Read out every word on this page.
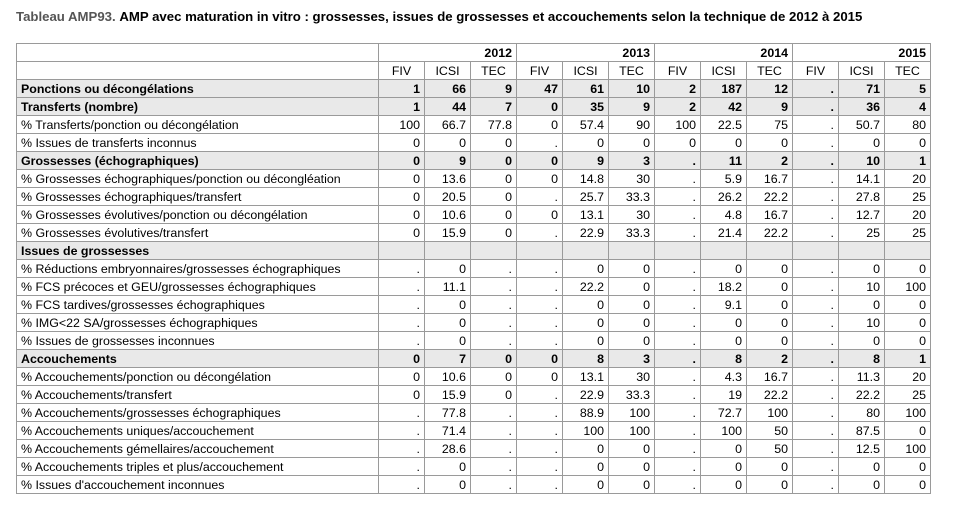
Tableau AMP93. AMP avec maturation in vitro : grossesses, issues de grossesses et accouchements selon la technique de 2012 à 2015
	2012			2013			2014			2015		
	FIV	ICSI	TEC	FIV	ICSI	TEC	FIV	ICSI	TEC	FIV	ICSI	TEC
Ponctions ou décongélations	1	66	9	47	61	10	2	187	12	.	71	5
Transferts (nombre)	1	44	7	0	35	9	2	42	9	.	36	4
% Transferts/ponction ou décongélation	100	66.7	77.8	0	57.4	90	100	22.5	75	.	50.7	80
% Issues de transferts inconnus	0	0	0	.	0	0	0	0	0	.	0	0
Grossesses (échographiques)	0	9	0	0	9	3	.	11	2	.	10	1
% Grossesses échographiques/ponction ou décongléation	0	13.6	0	0	14.8	30	.	5.9	16.7	.	14.1	20
% Grossesses échographiques/transfert	0	20.5	0	.	25.7	33.3	.	26.2	22.2	.	27.8	25
% Grossesses évolutives/ponction ou décongélation	0	10.6	0	0	13.1	30	.	4.8	16.7	.	12.7	20
% Grossesses évolutives/transfert	0	15.9	0	.	22.9	33.3	.	21.4	22.2	.	25	25
Issues de grossesses												
% Réductions embryonnaires/grossesses échographiques	.	0	.	.	0	0	.	0	0	.	0	0
% FCS précoces et GEU/grossesses échographiques	.	11.1	.	.	22.2	0	.	18.2	0	.	10	100
% FCS tardives/grossesses échographiques	.	0	.	.	0	0	.	9.1	0	.	0	0
% IMG<22 SA/grossesses échographiques	.	0	.	.	0	0	.	0	0	.	10	0
% Issues de grossesses inconnues	.	0	.	.	0	0	.	0	0	.	0	0
Accouchements	0	7	0	0	8	3	.	8	2	.	8	1
% Accouchements/ponction ou décongélation	0	10.6	0	0	13.1	30	.	4.3	16.7	.	11.3	20
% Accouchements/transfert	0	15.9	0	.	22.9	33.3	.	19	22.2	.	22.2	25
% Accouchements/grossesses échographiques	.	77.8	.	.	88.9	100	.	72.7	100	.	80	100
% Accouchements uniques/accouchement	.	71.4	.	.	100	100	.	100	50	.	87.5	0
% Accouchements gémellaires/accouchement	.	28.6	.	.	0	0	.	0	50	.	12.5	100
% Accouchements triples et plus/accouchement	.	0	.	.	0	0	.	0	0	.	0	0
% Issues d'accouchement inconnues	.	0	.	.	0	0	.	0	0	.	0	0
